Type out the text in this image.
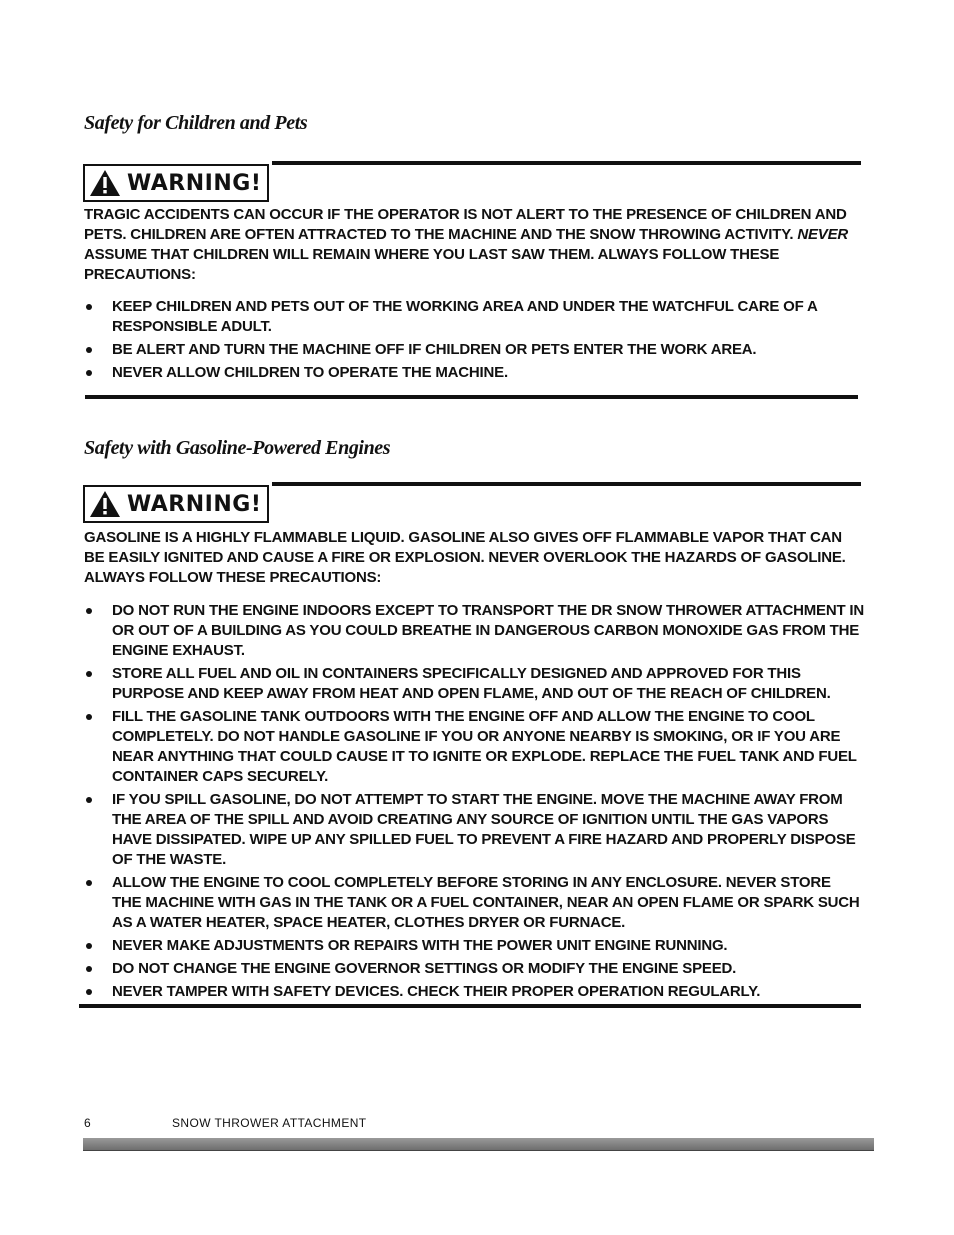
Safety for Children and Pets
WARNING!

TRAGIC ACCIDENTS CAN OCCUR IF THE OPERATOR IS NOT ALERT TO THE PRESENCE OF CHILDREN AND PETS. CHILDREN ARE OFTEN ATTRACTED TO THE MACHINE AND THE SNOW THROWING ACTIVITY. NEVER ASSUME THAT CHILDREN WILL REMAIN WHERE YOU LAST SAW THEM. ALWAYS FOLLOW THESE PRECAUTIONS:

KEEP CHILDREN AND PETS OUT OF THE WORKING AREA AND UNDER THE WATCHFUL CARE OF A RESPONSIBLE ADULT.
BE ALERT AND TURN THE MACHINE OFF IF CHILDREN OR PETS ENTER THE WORK AREA.
NEVER ALLOW CHILDREN TO OPERATE THE MACHINE.
Safety with Gasoline-Powered Engines
WARNING!

GASOLINE IS A HIGHLY FLAMMABLE LIQUID. GASOLINE ALSO GIVES OFF FLAMMABLE VAPOR THAT CAN BE EASILY IGNITED AND CAUSE A FIRE OR EXPLOSION. NEVER OVERLOOK THE HAZARDS OF GASOLINE. ALWAYS FOLLOW THESE PRECAUTIONS:

DO NOT RUN THE ENGINE INDOORS EXCEPT TO TRANSPORT THE DR SNOW THROWER ATTACHMENT IN OR OUT OF A BUILDING AS YOU COULD BREATHE IN DANGEROUS CARBON MONOXIDE GAS FROM THE ENGINE EXHAUST.
STORE ALL FUEL AND OIL IN CONTAINERS SPECIFICALLY DESIGNED AND APPROVED FOR THIS PURPOSE AND KEEP AWAY FROM HEAT AND OPEN FLAME, AND OUT OF THE REACH OF CHILDREN.
FILL THE GASOLINE TANK OUTDOORS WITH THE ENGINE OFF AND ALLOW THE ENGINE TO COOL COMPLETELY. DO NOT HANDLE GASOLINE IF YOU OR ANYONE NEARBY IS SMOKING, OR IF YOU ARE NEAR ANYTHING THAT COULD CAUSE IT TO IGNITE OR EXPLODE. REPLACE THE FUEL TANK AND FUEL CONTAINER CAPS SECURELY.
IF YOU SPILL GASOLINE, DO NOT ATTEMPT TO START THE ENGINE. MOVE THE MACHINE AWAY FROM THE AREA OF THE SPILL AND AVOID CREATING ANY SOURCE OF IGNITION UNTIL THE GAS VAPORS HAVE DISSIPATED. WIPE UP ANY SPILLED FUEL TO PREVENT A FIRE HAZARD AND PROPERLY DISPOSE OF THE WASTE.
ALLOW THE ENGINE TO COOL COMPLETELY BEFORE STORING IN ANY ENCLOSURE. NEVER STORE THE MACHINE WITH GAS IN THE TANK OR A FUEL CONTAINER, NEAR AN OPEN FLAME OR SPARK SUCH AS A WATER HEATER, SPACE HEATER, CLOTHES DRYER OR FURNACE.
NEVER MAKE ADJUSTMENTS OR REPAIRS WITH THE POWER UNIT ENGINE RUNNING.
DO NOT CHANGE THE ENGINE GOVERNOR SETTINGS OR MODIFY THE ENGINE SPEED.
NEVER TAMPER WITH SAFETY DEVICES. CHECK THEIR PROPER OPERATION REGULARLY.
6	SNOW THROWER ATTACHMENT
